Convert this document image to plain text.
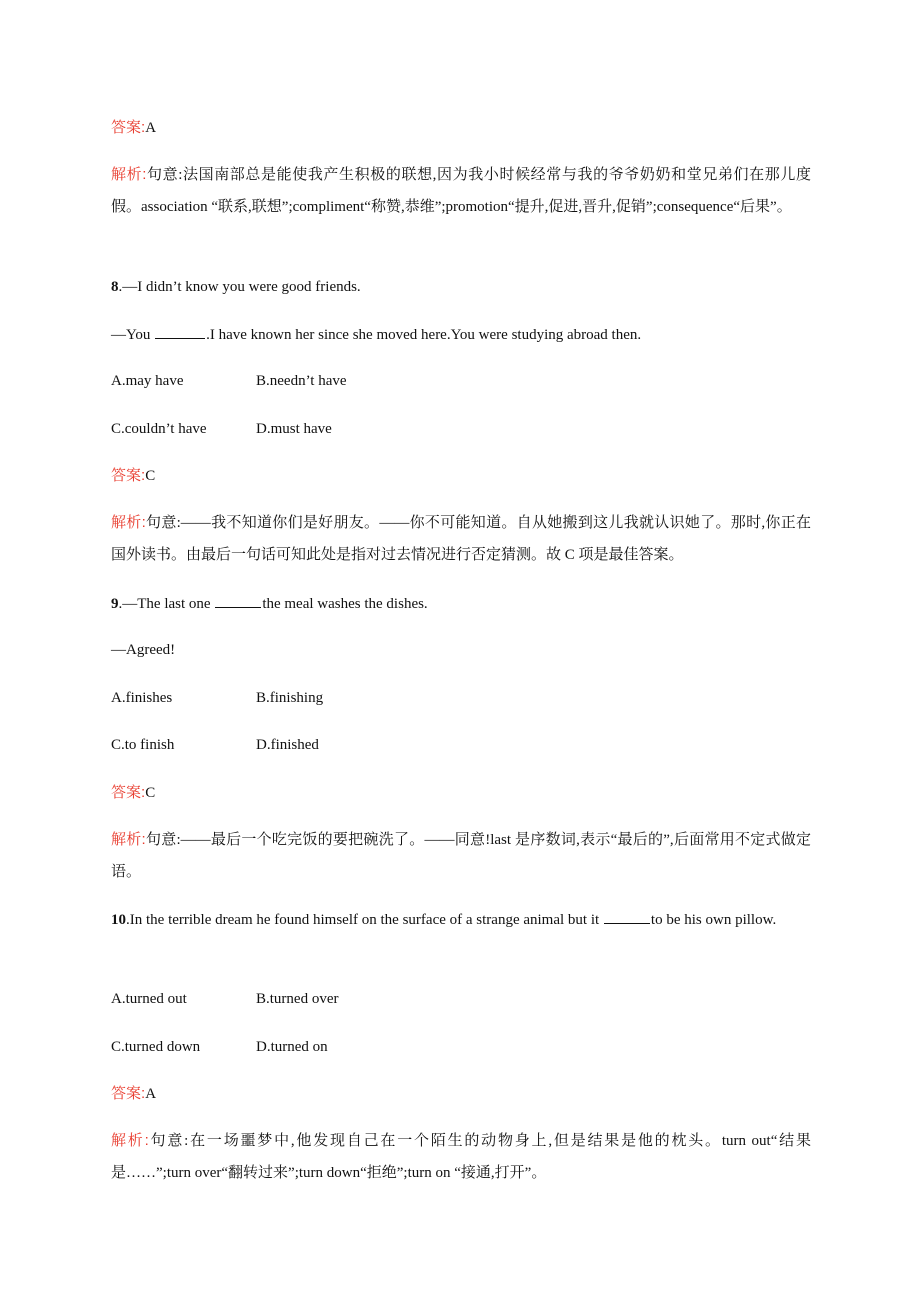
答案:A
解析:句意:法国南部总是能使我产生积极的联想,因为我小时候经常与我的爷爷奶奶和堂兄弟们在那儿度假。association “联系,联想”;compliment“称赞,恭维”;promotion“提升,促进,晋升,促销”;consequence“后果”。
8.—I didn’t know you were good friends.
—You	.I have known her since she moved here.You were studying abroad then.
A.may have	B.needn’t have
C.couldn’t have	D.must have
答案:C
解析:句意:——我不知道你们是好朋友。——你不可能知道。自从她搬到这儿我就认识她了。那时,你正在国外读书。由最后一句话可知此处是指对过去情况进行否定猜测。故 C 项是最佳答案。
9.—The last one	the meal washes the dishes.
—Agreed!
A.finishes	B.finishing
C.to finish	D.finished
答案:C
解析:句意:——最后一个吃完饭的要把碗洗了。——同意!last 是序数词,表示“最后的”,后面常用不定式做定语。
10.In the terrible dream he found himself on the surface of a strange animal but it	to be his own pillow.
A.turned out	B.turned over
C.turned down	D.turned on
答案:A
解析:句意:在一场噩梦中,他发现自己在一个陌生的动物身上,但是结果是他的枕头。turn out“结果是……”;turn over“翻转过来”;turn down“拒绝”;turn on “接通,打开”。
